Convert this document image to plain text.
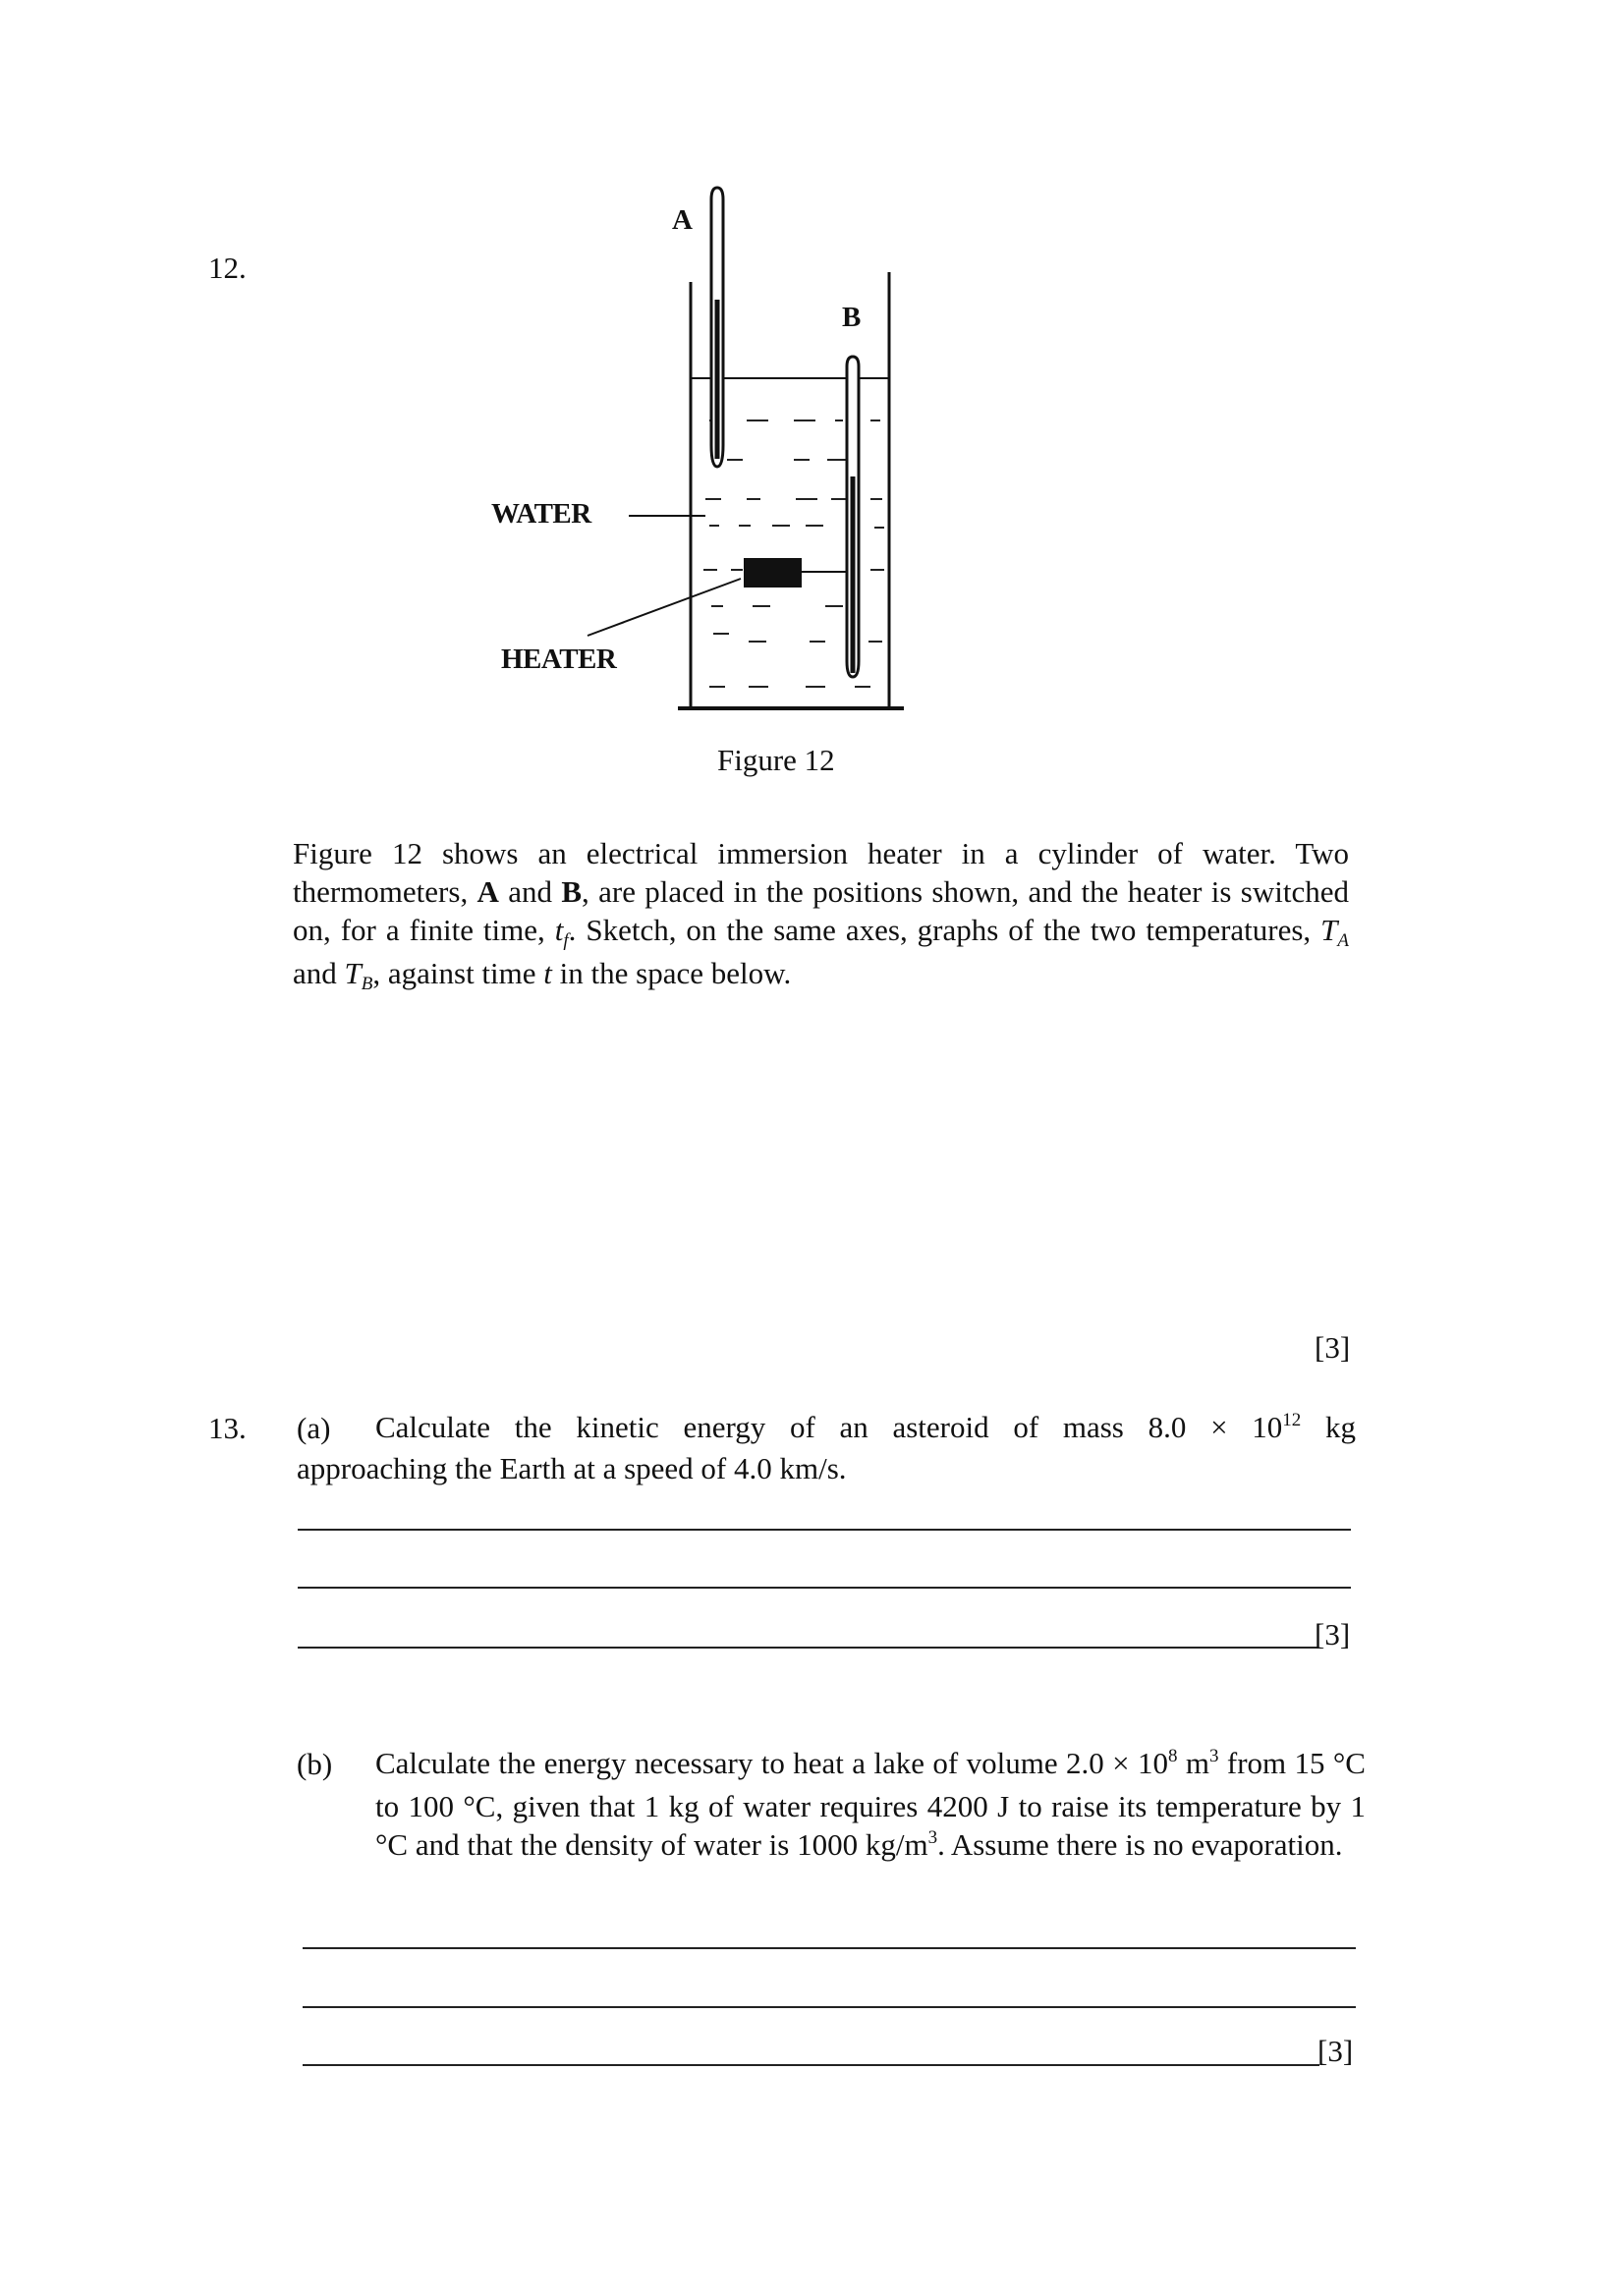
12.
A
B
WATER
HEATER
Figure 12
Figure 12 shows an electrical immersion heater in a cylinder of water. Two thermometers, A and B, are placed in the positions shown, and the heater is switched on, for a finite time, $t_f$. Sketch, on the same axes, graphs of the two temperatures, $T_A$ and $T_B$, against time t in the space below.
[3]
13. (a) Calculate the kinetic energy of an asteroid of mass $8.0 \times 10^{12}$ kg
approaching the Earth at a speed of 4.0 km/s.
[3]
(b) Calculate the energy necessary to heat a lake of volume $2.0 \times 10^8$ $m^3$ from 15 °C to 100 °C, given that 1 kg of water requires 4200 J to raise its temperature by 1 °C and that the density of water is 1000 $kg/m^3$. Assume there is no evaporation.
[3]
